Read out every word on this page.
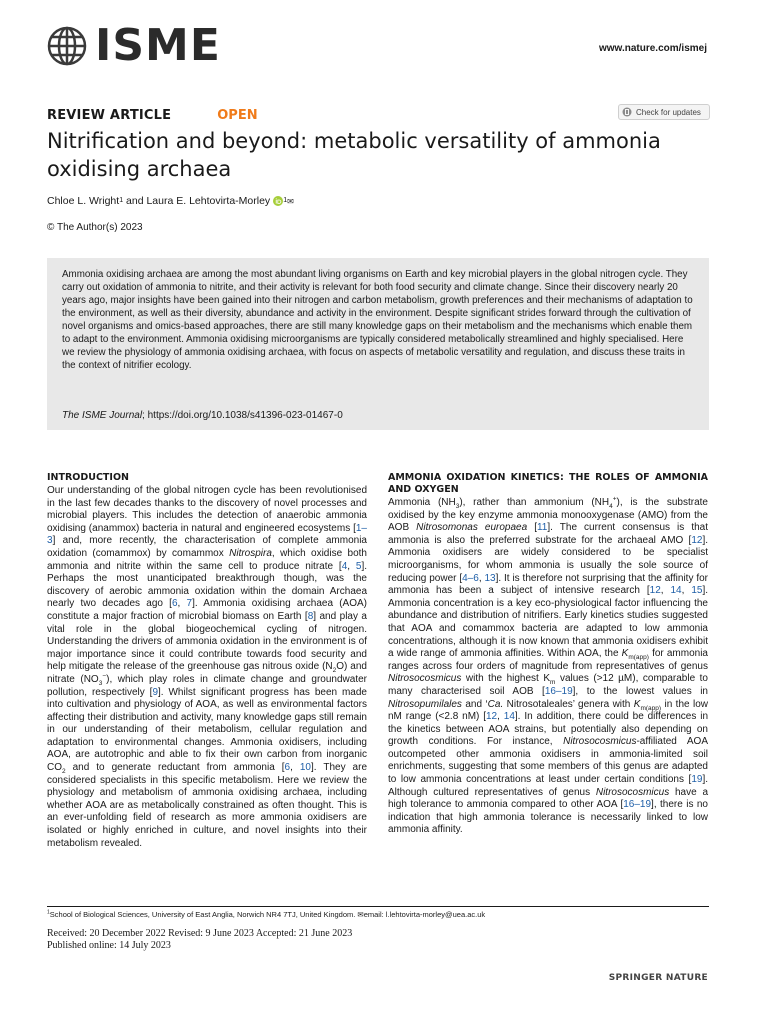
ISME	www.nature.com/ismej
REVIEW ARTICLE	OPEN	Check for updates
Nitrification and beyond: metabolic versatility of ammonia oxidising archaea
Chloe L. Wright 1 and Laura E. Lehtovirta-Morley 1 ✉
© The Author(s) 2023

Ammonia oxidising archaea are among the most abundant living organisms on Earth and key microbial players in the global nitrogen cycle. They carry out oxidation of ammonia to nitrite, and their activity is relevant for both food security and climate change. Since their discovery nearly 20 years ago, major insights have been gained into their nitrogen and carbon metabolism, growth preferences and their mechanisms of adaptation to the environment, as well as their diversity, abundance and activity in the environment. Despite significant strides forward through the cultivation of novel organisms and omics-based approaches, there are still many knowledge gaps on their metabolism and the mechanisms which enable them to adapt to the environment. Ammonia oxidising microorganisms are typically considered metabolically streamlined and highly specialised. Here we review the physiology of ammonia oxidising archaea, with focus on aspects of metabolic versatility and regulation, and discuss these traits in the context of nitrifier ecology.

The ISME Journal; https://doi.org/10.1038/s41396-023-01467-0
INTRODUCTION

Our understanding of the global nitrogen cycle has been revolutionised in the last few decades thanks to the discovery of novel processes and microbial players. This includes the detection of anaerobic ammonia oxidising (anammox) bacteria in natural and engineered ecosystems [1–3] and, more recently, the characterisation of complete ammonia oxidation (comammox) by comammox Nitrospira, which oxidise both ammonia and nitrite within the same cell to produce nitrate [4, 5]. Perhaps the most unanticipated breakthrough though, was the discovery of aerobic ammonia oxidation within the domain Archaea nearly two decades ago [6, 7]. Ammonia oxidising archaea (AOA) constitute a major fraction of microbial biomass on Earth [8] and play a vital role in the global biogeochemical cycling of nitrogen. Understanding the drivers of ammonia oxidation in the environment is of major importance since it could contribute towards food security and help mitigate the release of the greenhouse gas nitrous oxide $(N_2O)$ and nitrate $(NO_3^-)$, which play roles in climate change and groundwater pollution, respectively [9]. Whilst significant progress has been made into cultivation and physiology of AOA, as well as environmental factors affecting their distribution and activity, many knowledge gaps still remain in our understanding of their metabolism, cellular regulation and adaptation to environmental changes. Ammonia oxidisers, including AOA, are autotrophic and able to fix their own carbon from inorganic $CO_2$ and to generate reductant from ammonia [6, 10]. They are considered specialists in this specific metabolism. Here we review the physiology and metabolism of ammonia oxidising archaea, including whether AOA are as metabolically constrained as often thought. This is an ever-unfolding field of research as more ammonia oxidisers are isolated or highly enriched in culture, and novel insights into their metabolism revealed.

AMMONIA OXIDATION KINETICS: THE ROLES OF AMMONIA AND OXYGEN

Ammonia $(NH_3)$, rather than ammonium $(NH_4^+)$, is the substrate oxidised by the key enzyme ammonia monooxygenase (AMO) from the AOB Nitrosomonas europaea [11]. The current consensus is that ammonia is also the preferred substrate for the archaeal AMO [12]. Ammonia oxidisers are widely considered to be specialist microorganisms, for whom ammonia is usually the sole source of reducing power [4–6, 13]. It is therefore not surprising that the affinity for ammonia has been a subject of intensive research [12, 14, 15]. Ammonia concentration is a key eco-physiological factor influencing the abundance and distribution of nitrifiers. Early kinetics studies suggested that AOA and comammox bacteria are adapted to low ammonia concentrations, although it is now known that ammonia oxidisers exhibit a wide range of ammonia affinities. Within AOA, the $K_{m(app)}$ for ammonia ranges across four orders of magnitude from representatives of genus Nitrosocosmicus with the highest $K_m$ values (>12 µM), comparable to many characterised soil AOB [16–19], to the lowest values in Nitrosopumilales and ‘Ca. Nitrosotaleales’ genera with $K_{m(app)}$ in the low nM range (<2.8 nM) [12, 14]. In addition, there could be differences in the kinetics between AOA strains, but potentially also depending on growth conditions. For instance, Nitrosocosmicus-affiliated AOA outcompeted other ammonia oxidisers in ammonia-limited soil enrichments, suggesting that some members of this genus are adapted to low ammonia concentrations at least under certain conditions [19]. Although cultured representatives of genus Nitrosocosmicus have a high tolerance to ammonia compared to other AOA [16–19], there is no indication that high ammonia tolerance is necessarily linked to low ammonia affinity.

$^1$School of Biological Sciences, University of East Anglia, Norwich NR4 7TJ, United Kingdom. ✉email: l.lehtovirta-morley@uea.ac.uk
Received: 20 December 2022 Revised: 9 June 2023 Accepted: 21 June 2023
Published online: 14 July 2023
SPRINGER NATURE
